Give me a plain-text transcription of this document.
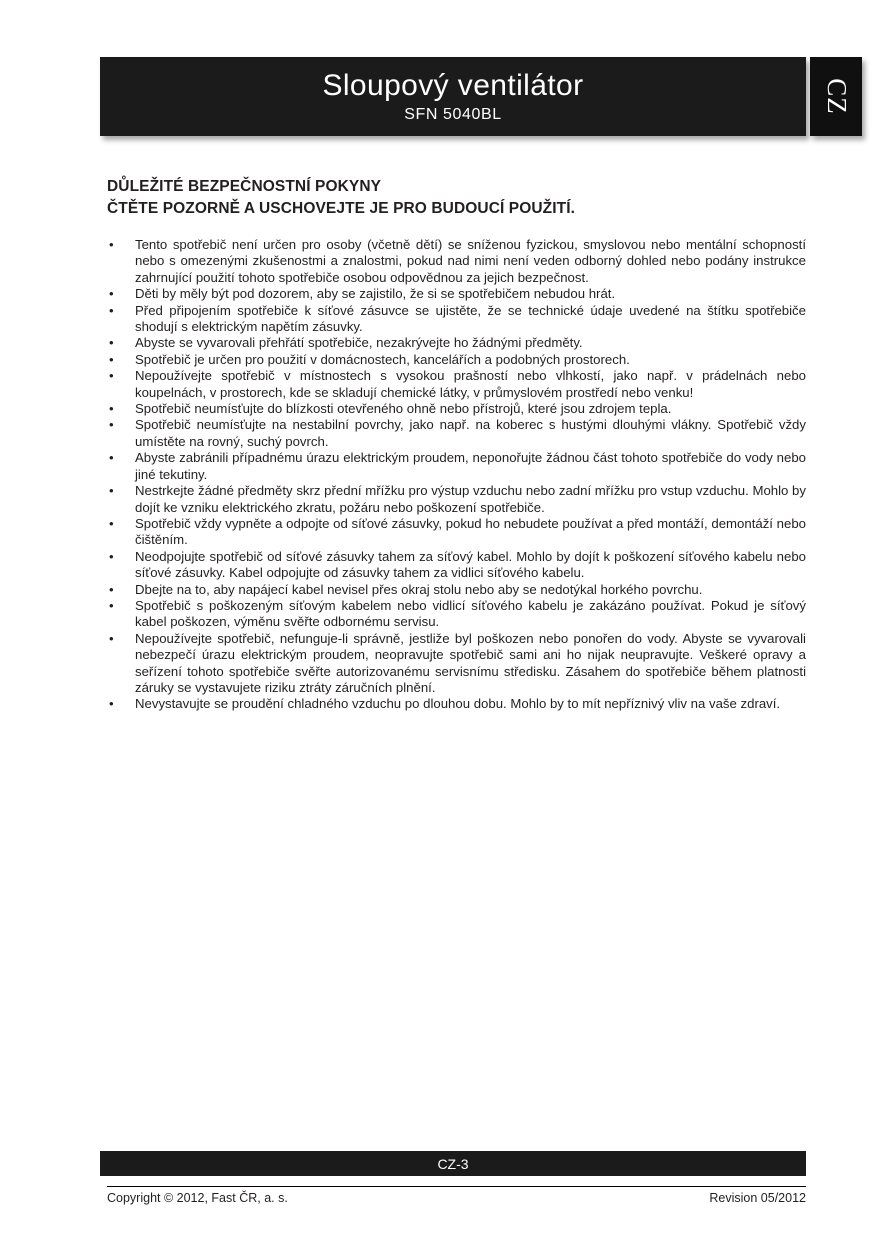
Sloupový ventilátor
SFN 5040BL	CZ
DŮLEŽITÉ BEZPEČNOSTNÍ POKYNY
ČTĚTE POZORNĚ A USCHOVEJTE JE PRO BUDOUCÍ POUŽITÍ.
• Tento spotřebič není určen pro osoby (včetně dětí) se sníženou fyzickou, smyslovou nebo mentální schopností nebo s omezenými zkušenostmi a znalostmi, pokud nad nimi není veden odborný dohled nebo podány instrukce zahrnující použití tohoto spotřebiče osobou odpovědnou za jejich bezpečnost.
• Děti by měly být pod dozorem, aby se zajistilo, že si se spotřebičem nebudou hrát.
• Před připojením spotřebiče k síťové zásuvce se ujistěte, že se technické údaje uvedené na štítku spotřebiče shodují s elektrickým napětím zásuvky.
• Abyste se vyvarovali přehřátí spotřebiče, nezakrývejte ho žádnými předměty.
• Spotřebič je určen pro použití v domácnostech, kancelářích a podobných prostorech.
• Nepoužívejte spotřebič v místnostech s vysokou prašností nebo vlhkostí, jako např. v prádelnách nebo koupelnách, v prostorech, kde se skladují chemické látky, v průmyslovém prostředí nebo venku!
• Spotřebič neumísťujte do blízkosti otevřeného ohně nebo přístrojů, které jsou zdrojem tepla.
• Spotřebič neumísťujte na nestabilní povrchy, jako např. na koberec s hustými dlouhými vlákny. Spotřebič vždy umístěte na rovný, suchý povrch.
• Abyste zabránili případnému úrazu elektrickým proudem, neponořujte žádnou část tohoto spotřebiče do vody nebo jiné tekutiny.
• Nestrkejte žádné předměty skrz přední mřížku pro výstup vzduchu nebo zadní mřížku pro vstup vzduchu. Mohlo by dojít ke vzniku elektrického zkratu, požáru nebo poškození spotřebiče.
• Spotřebič vždy vypněte a odpojte od síťové zásuvky, pokud ho nebudete používat a před montáží, demontáží nebo čištěním.
• Neodpojujte spotřebič od síťové zásuvky tahem za síťový kabel. Mohlo by dojít k poškození síťového kabelu nebo síťové zásuvky. Kabel odpojujte od zásuvky tahem za vidlici síťového kabelu.
• Dbejte na to, aby napájecí kabel nevisel přes okraj stolu nebo aby se nedotýkal horkého povrchu.
• Spotřebič s poškozeným síťovým kabelem nebo vidlicí síťového kabelu je zakázáno používat. Pokud je síťový kabel poškozen, výměnu svěřte odbornému servisu.
• Nepoužívejte spotřebič, nefunguje-li správně, jestliže byl poškozen nebo ponořen do vody. Abyste se vyvarovali nebezpečí úrazu elektrickým proudem, neopravujte spotřebič sami ani ho nijak neupravujte. Veškeré opravy a seřízení tohoto spotřebiče svěřte autorizovanému servisnímu středisku. Zásahem do spotřebiče během platnosti záruky se vystavujete riziku ztráty záručních plnění.
• Nevystavujte se proudění chladného vzduchu po dlouhou dobu. Mohlo by to mít nepříznivý vliv na vaše zdraví.
CZ-3
Copyright © 2012, Fast ČR, a. s.	Revision 05/2012
